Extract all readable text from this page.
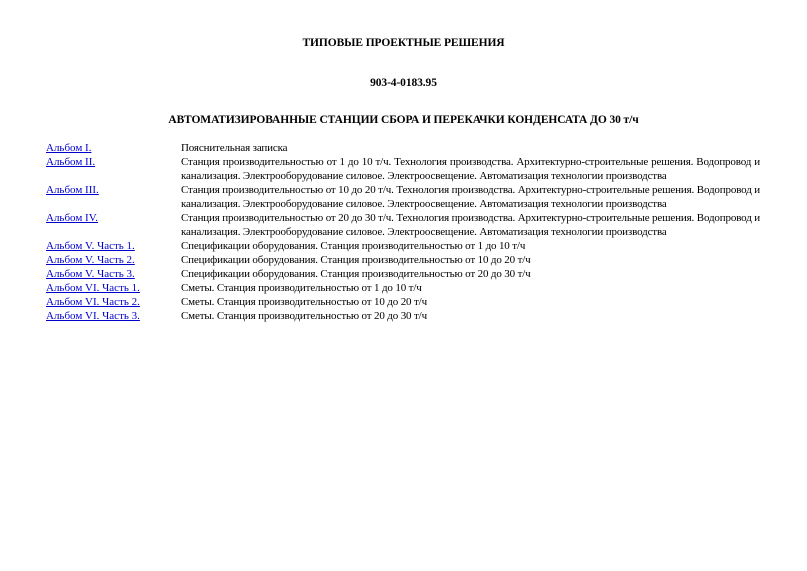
ТИПОВЫЕ ПРОЕКТНЫЕ РЕШЕНИЯ
903-4-0183.95
АВТОМАТИЗИРОВАННЫЕ СТАНЦИИ СБОРА И ПЕРЕКАЧКИ КОНДЕНСАТА ДО 30 т/ч
Альбом I.	Пояснительная записка
Альбом II.	Станция производительностью от 1 до 10 т/ч. Технология производства. Архитектурно-строительные решения. Водопровод и канализация. Электрооборудование силовое. Электроосвещение. Автоматизация технологии производства
Альбом III.	Станция производительностью от 10 до 20 т/ч. Технология производства. Архитектурно-строительные решения. Водопровод и канализация. Электрооборудование силовое. Электроосвещение. Автоматизация технологии производства
Альбом IV.	Станция производительностью от 20 до 30 т/ч. Технология производства. Архитектурно-строительные решения. Водопровод и канализация. Электрооборудование силовое. Электроосвещение. Автоматизация технологии производства
Альбом V. Часть 1.	Спецификации оборудования. Станция производительностью от 1 до 10 т/ч
Альбом V. Часть 2.	Спецификации оборудования. Станция производительностью от 10 до 20 т/ч
Альбом V. Часть 3.	Спецификации оборудования. Станция производительностью от 20 до 30 т/ч
Альбом VI. Часть 1.	Сметы. Станция производительностью от 1 до 10 т/ч
Альбом VI. Часть 2.	Сметы. Станция производительностью от 10 до 20 т/ч
Альбом VI. Часть 3.	Сметы. Станция производительностью от 20 до 30 т/ч
